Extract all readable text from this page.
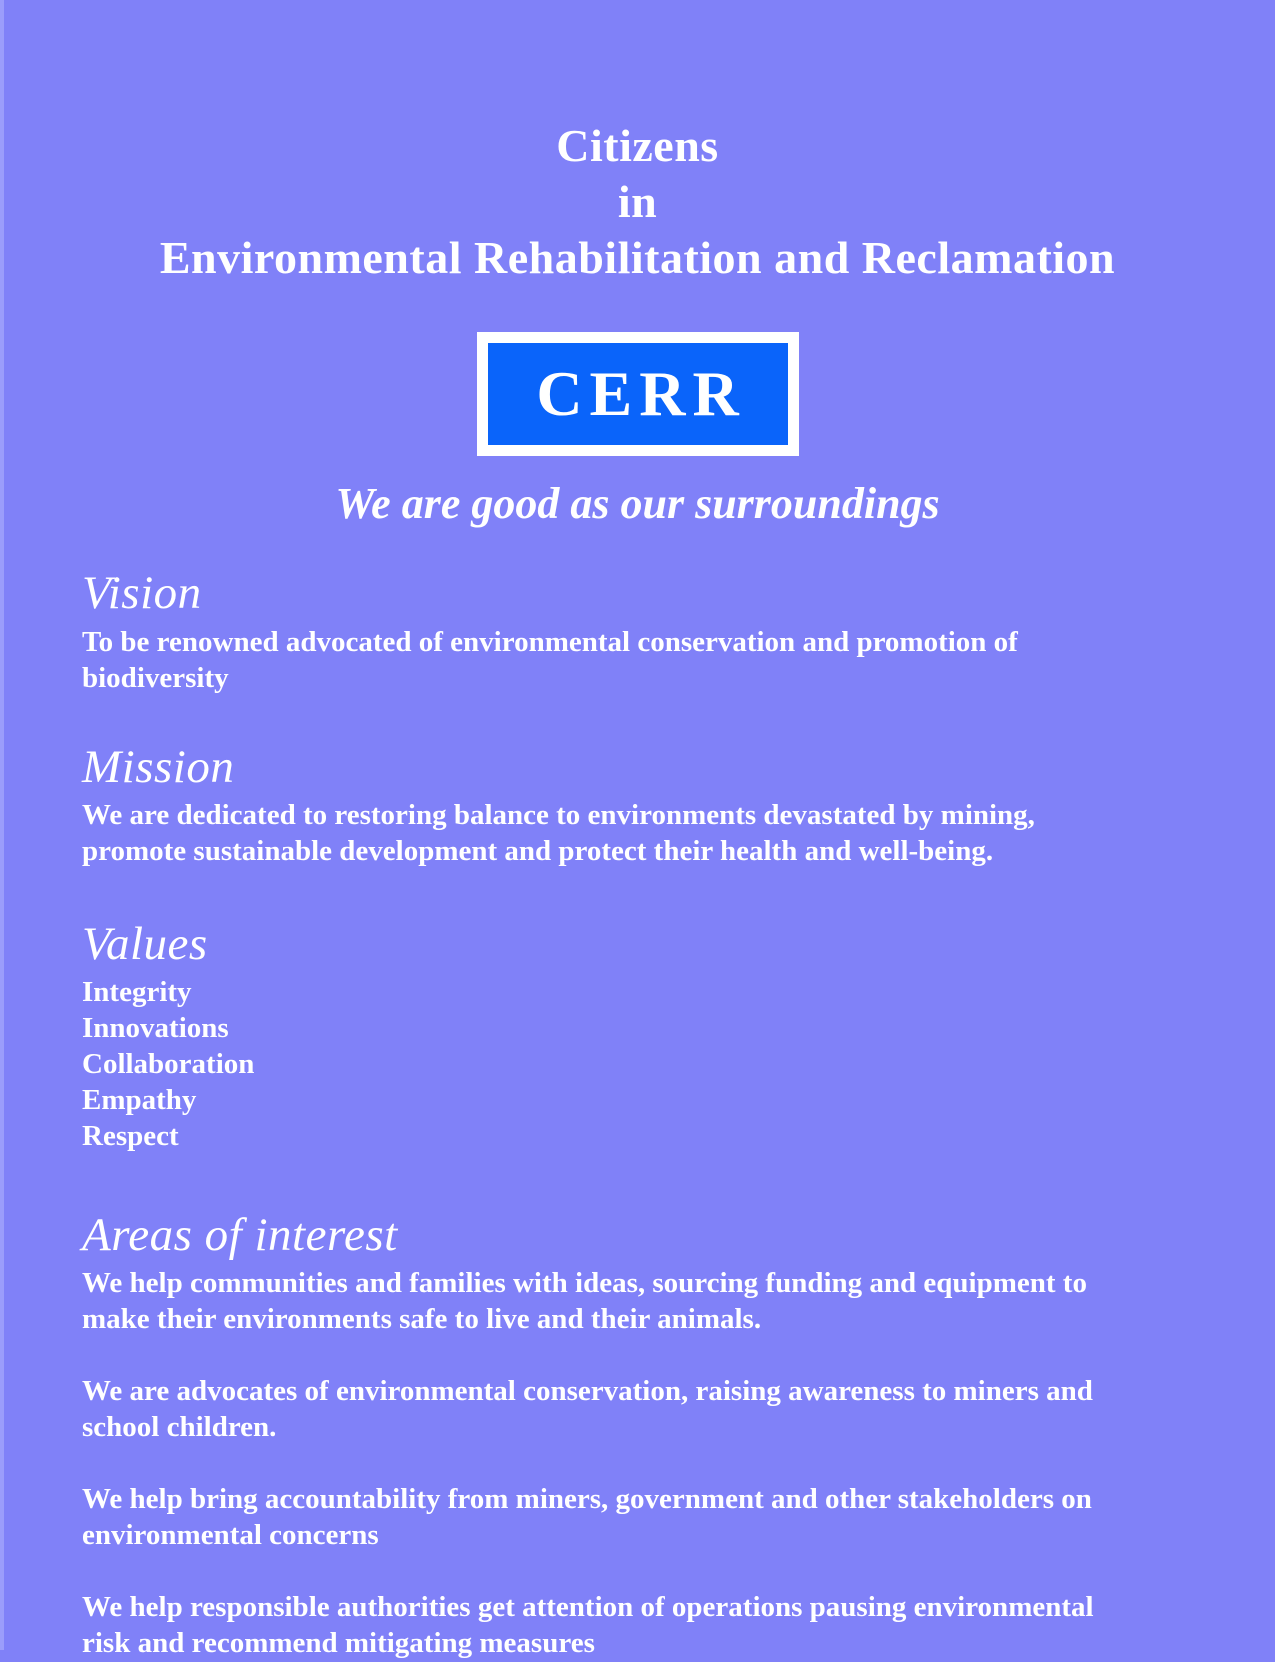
Citizens
in
Environmental Rehabilitation and Reclamation
CERR
We are good as our surroundings
Vision

To be renowned advocated of environmental conservation and promotion of biodiversity

Mission

We are dedicated to restoring balance to environments devastated by mining, promote sustainable development and protect their health and well-being.

Values
Integrity
Innovations
Collaboration
Empathy
Respect
Areas of interest

We help communities and families with ideas, sourcing funding and equipment to make their environments safe to live and their animals.

We are advocates of environmental conservation, raising awareness to miners and school children.

We help bring accountability from miners, government and other stakeholders on environmental concerns

We help responsible authorities get attention of operations pausing environmental risk and recommend mitigating measures
